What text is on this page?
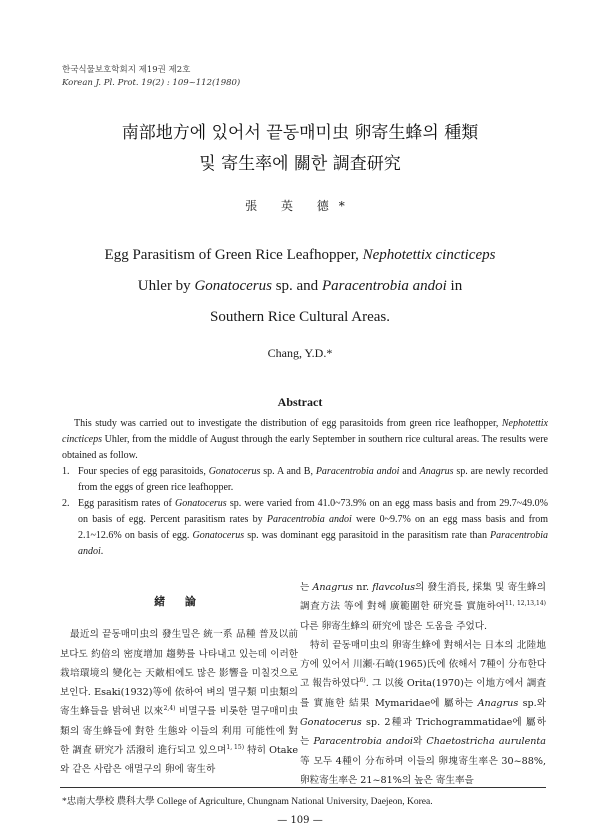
한국식물보호학회지 제19권 제2호
Korean J. Pl. Prot. 19(2) : 109~112(1980)
南部地方에 있어서 끝동매미虫 卵寄生蜂의 種類
및 寄生率에 關한 調査研究
張 英 德*
Egg Parasitism of Green Rice Leafhopper, Nephotettix cincticeps
Uhler by Gonatocerus sp. and Paracentrobia andoi in
Southern Rice Cultural Areas.
Chang, Y.D.*
Abstract

This study was carried out to investigate the distribution of egg parasitoids from green rice leafhopper, Nephotettix cincticeps Uhler, from the middle of August through the early September in southern rice cultural areas. The results were obtained as follow.

1. Four species of egg parasitoids, Gonatocerus sp. A and B, Paracentrobia andoi and Anagrus sp. are newly recorded from the eggs of green rice leafhopper.
2. Egg parasitism rates of Gonatocerus sp. were varied from 41.0~73.9% on an egg mass basis and from 29.7~49.0% on basis of egg. Percent parasitism rates by Paracentrobia andoi were 0~9.7% on an egg mass basis and from 2.1~12.6% on basis of egg. Gonatocerus sp. was dominant egg parasitoid in the parasitism rate than Paracentrobia andoi.
緒 論

最近의 끝동매미虫의 發生밀은 統一系 品種 普及以前보다도 約倍의 密度增加 趨勢를 나타내고 있는데 이러한 栽培環境의 變化는 天敵相에도 많은 影響을 미칠것으로 보인다. Esaki(1932)等에 依하여 벼의 멸구類 미虫類의 寄生蜂들을 밝혀낸 以來$^{2,4)}$ 비멸구를 비롯한 멸구매미虫類의 寄生蜂들에 對한 生態와 이들의 利用 可能性에 對한 調査 研究가 活潑히 進行되고 있으며$^{1, 15)}$ 特히 Otake와 같은 사람은 애멸구의 卵에 寄生하

는 Anagrus nr. flavcolus의 發生消長, 採集 및 寄生蜂의 調査方法 等에 對해 廣範圍한 研究를 實施하여$^{11, 12,13,14)}$ 다른 卵寄生蜂의 研究에 많은 도움을 주었다.

特히 끝동매미虫의 卵寄生蜂에 對해서는 日本의 北陸地方에 있어서 川瀬·石崎(1965)氏에 依해서 7種이 分布한다고 報告하였다$^{6)}$. 그 以後 Orita(1970)는 이地方에서 調査를 實施한 結果 Mymaridae에 屬하는 Anagrus sp.와 Gonatocerus sp. 2種과 Trichogrammatidae에 屬하는 Paracentrobia andoi와 Chaetostricha aurulenta等 모두 4種이 分布하며 이들의 卵塊寄生率은 30~88%, 卵粒寄生率은 21~81%의 높은 寄生率을

*忠南大學校 農科大學 College of Agriculture, Chungnam National University, Daejeon, Korea.
— 109 —
